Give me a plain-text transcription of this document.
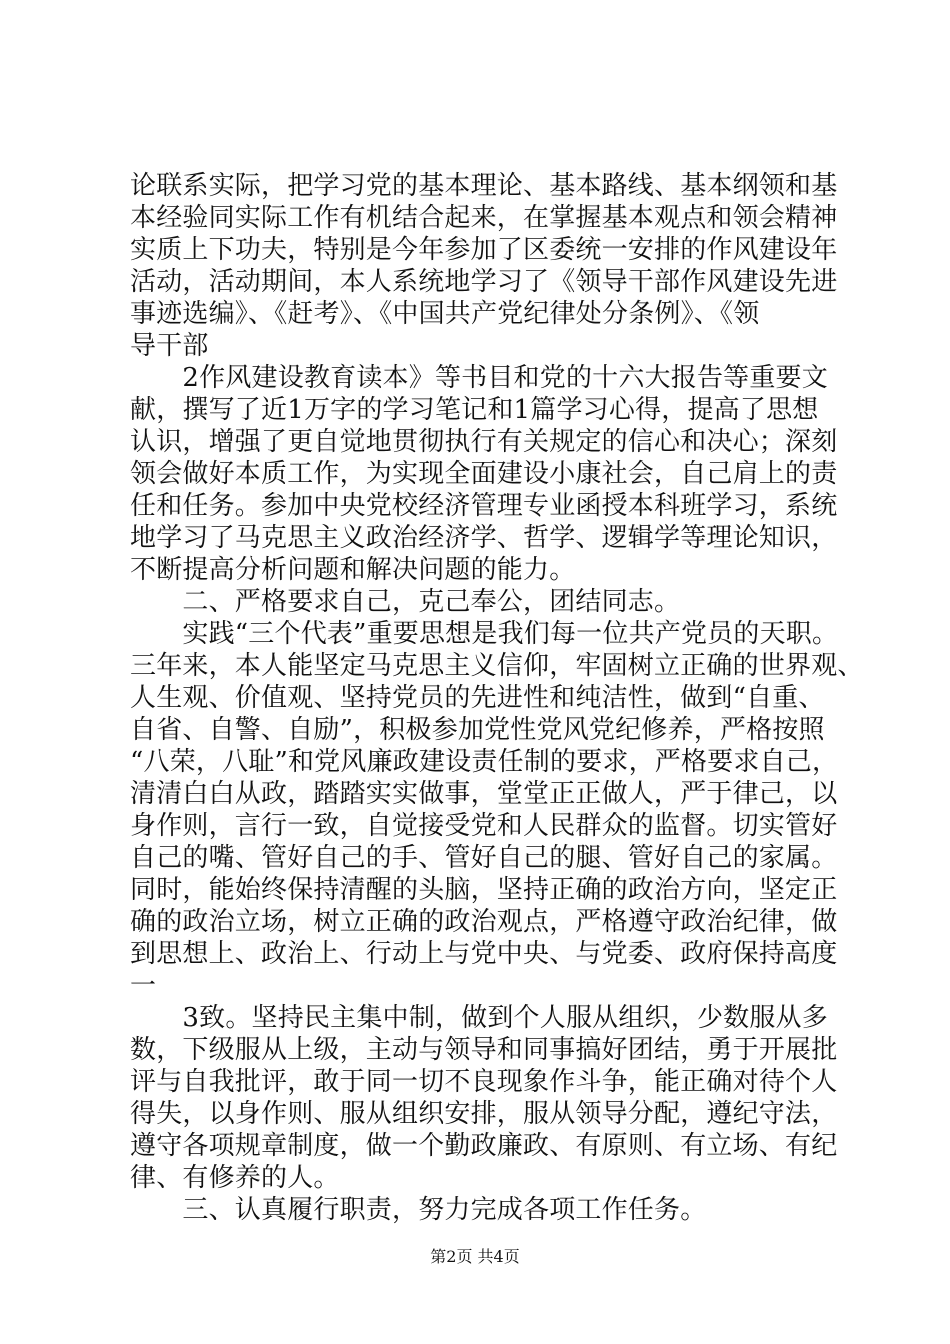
论联系实际，把学习党的基本理论、基本路线、基本纲领和基
本经验同实际工作有机结合起来，在掌握基本观点和领会精神
实质上下功夫，特别是今年参加了区委统一安排的作风建设年
活动，活动期间，本人系统地学习了《领导干部作风建设先进
事迹选编》、《赶考》、《中国共产党纪律处分条例》、《领
导干部
　　2作风建设教育读本》等书目和党的十六大报告等重要文
献，撰写了近1万字的学习笔记和1篇学习心得，提高了思想
认识，增强了更自觉地贯彻执行有关规定的信心和决心；深刻
领会做好本质工作，为实现全面建设小康社会，自己肩上的责
任和任务。参加中央党校经济管理专业函授本科班学习，系统
地学习了马克思主义政治经济学、哲学、逻辑学等理论知识，
不断提高分析问题和解决问题的能力。
　　二、严格要求自己，克己奉公，团结同志。
　　实践“三个代表”重要思想是我们每一位共产党员的天职。
三年来，本人能坚定马克思主义信仰，牢固树立正确的世界观、
人生观、价值观、坚持党员的先进性和纯洁性，做到“自重、
自省、自警、自励”，积极参加党性党风党纪修养，严格按照
“八荣，八耻”和党风廉政建设责任制的要求，严格要求自己，
清清白白从政，踏踏实实做事，堂堂正正做人，严于律己，以
身作则，言行一致，自觉接受党和人民群众的监督。切实管好
自己的嘴、管好自己的手、管好自己的腿、管好自己的家属。
同时，能始终保持清醒的头脑，坚持正确的政治方向，坚定正
确的政治立场，树立正确的政治观点，严格遵守政治纪律，做
到思想上、政治上、行动上与党中央、与党委、政府保持高度
一
　　3致。坚持民主集中制，做到个人服从组织，少数服从多
数，下级服从上级，主动与领导和同事搞好团结，勇于开展批
评与自我批评，敢于同一切不良现象作斗争，能正确对待个人
得失，以身作则、服从组织安排，服从领导分配，遵纪守法，
遵守各项规章制度，做一个勤政廉政、有原则、有立场、有纪
律、有修养的人。
　　三、认真履行职责，努力完成各项工作任务。
第2页 共4页
